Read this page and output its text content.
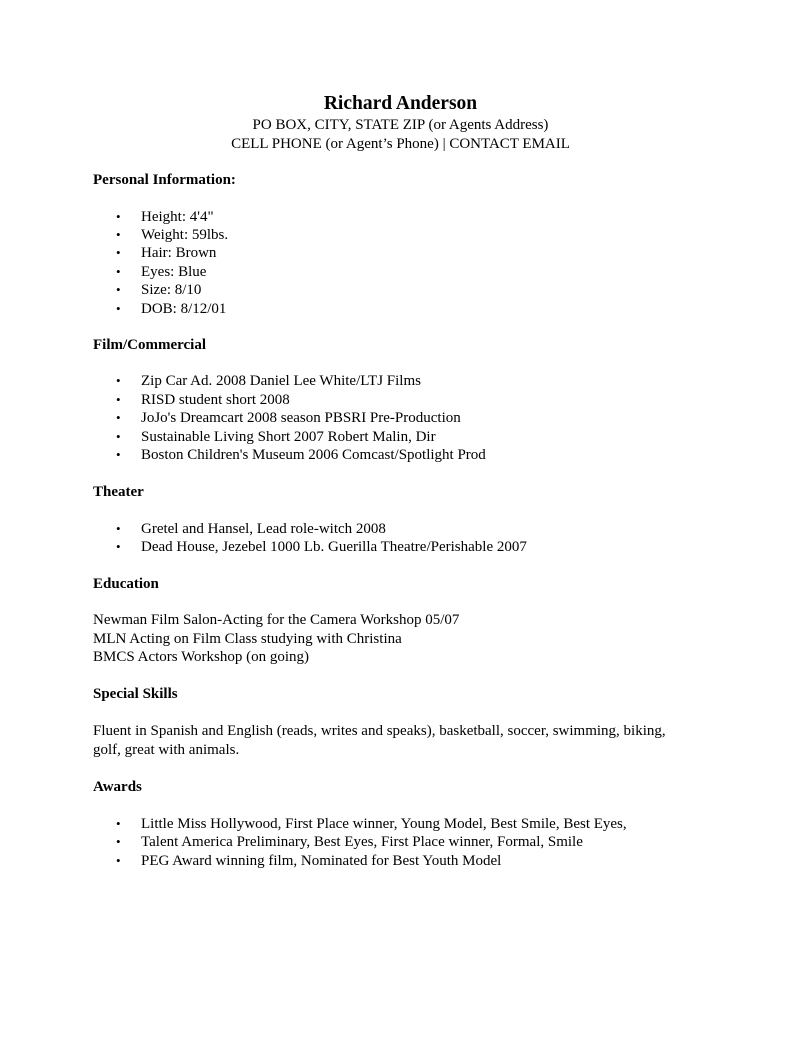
Richard Anderson
PO BOX, CITY, STATE ZIP (or Agents Address)
CELL PHONE (or Agent’s Phone) | CONTACT EMAIL
Personal Information:
• Height: 4'4"
• Weight: 59lbs.
• Hair: Brown
• Eyes: Blue
• Size: 8/10
• DOB: 8/12/01
Film/Commercial
• Zip Car Ad. 2008 Daniel Lee White/LTJ Films
• RISD student short 2008
• JoJo's Dreamcart 2008 season PBSRI Pre-Production
• Sustainable Living Short 2007 Robert Malin, Dir
• Boston Children's Museum 2006 Comcast/Spotlight Prod
Theater
• Gretel and Hansel, Lead role-witch 2008
• Dead House, Jezebel 1000 Lb. Guerilla Theatre/Perishable 2007
Education
Newman Film Salon-Acting for the Camera Workshop 05/07
MLN Acting on Film Class studying with Christina
BMCS Actors Workshop (on going)
Special Skills
Fluent in Spanish and English (reads, writes and speaks), basketball, soccer, swimming, biking,
golf, great with animals.
Awards
• Little Miss Hollywood, First Place winner, Young Model, Best Smile, Best Eyes,
• Talent America Preliminary, Best Eyes, First Place winner, Formal, Smile
• PEG Award winning film, Nominated for Best Youth Model
